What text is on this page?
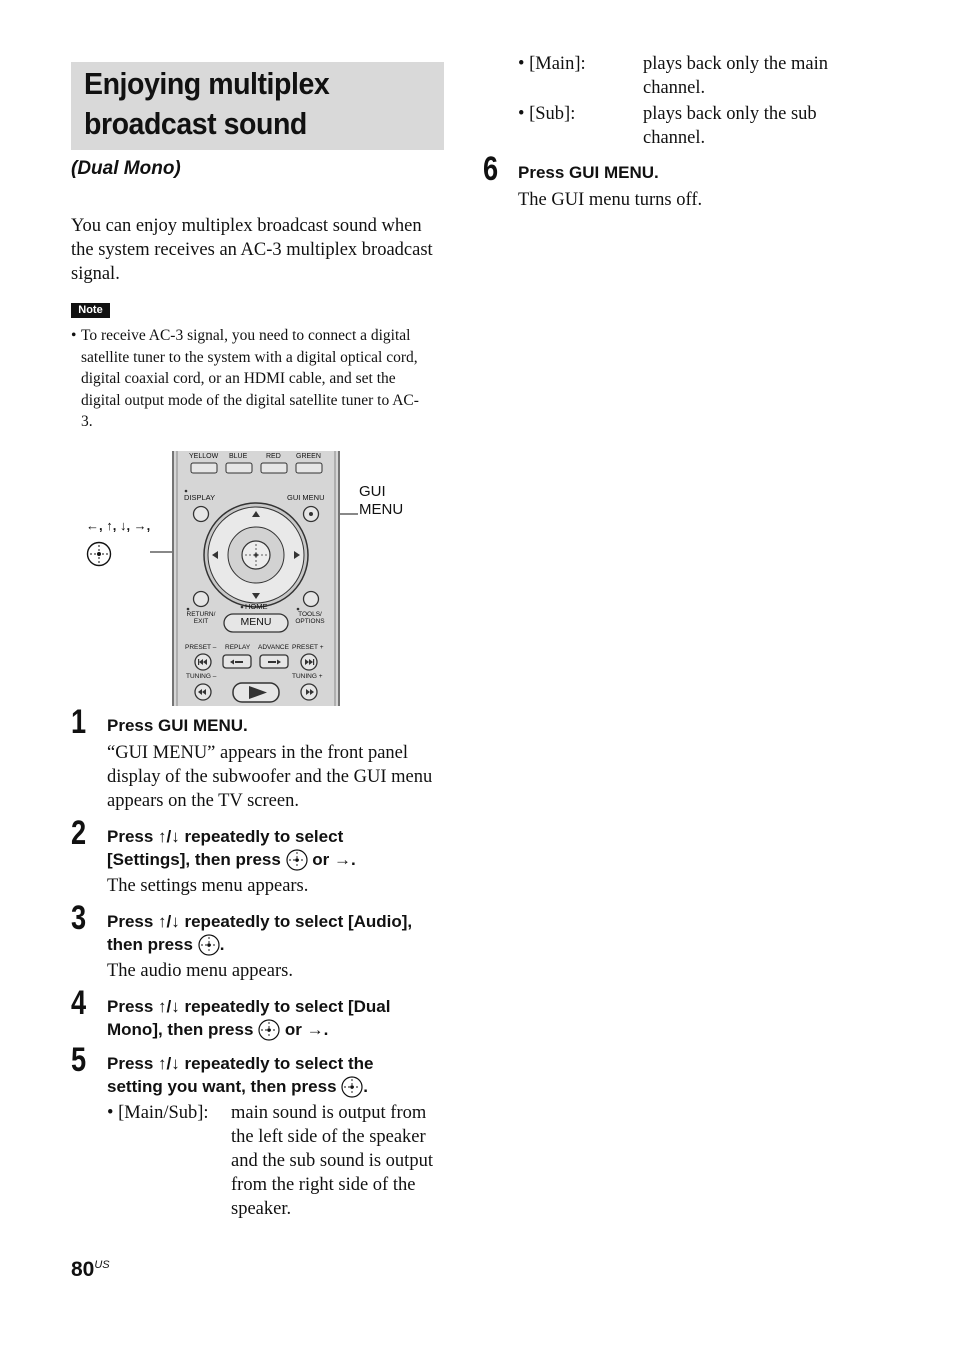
Enjoying multiplex
broadcast sound
(Dual Mono)
You can enjoy multiplex broadcast sound when
the system receives an AC-3 multiplex broadcast
signal.
Note
• To receive AC-3 signal, you need to connect a digital
satellite tuner to the system with a digital optical cord,
digital coaxial cord, or an HDMI cable, and set the
digital output mode of the digital satellite tuner to AC-
3.
←, ↑, ↓, →,
GUI
MENU
YELLOW BLUE	RED GREEN
DISPLAY	GUI MENU
HOME
MENU
RETURN/
EXIT
TOOLS/
OPTIONS
PRESET – REPLAY ADVANCE PRESET +
TUNING –	TUNING +
1 Press GUI MENU.
“GUI MENU” appears in the front panel
display of the subwoofer and the GUI menu
appears on the TV screen.
2 Press ↑/↓ repeatedly to select
[Settings], then press or →.
The settings menu appears.
3 Press ↑/↓ repeatedly to select [Audio],
then press .
The audio menu appears.
4 Press ↑/↓ repeatedly to select [Dual
Mono], then press or →.
5 Press ↑/↓ repeatedly to select the
setting you want, then press .
• [Main/Sub]: main sound is output from
the left side of the speaker
and the sub sound is output
from the right side of the
speaker.
• [Main]:	plays back only the main
channel.
• [Sub]:	plays back only the sub
channel.
6 Press GUI MENU.
The GUI menu turns off.
$80^{US}$
